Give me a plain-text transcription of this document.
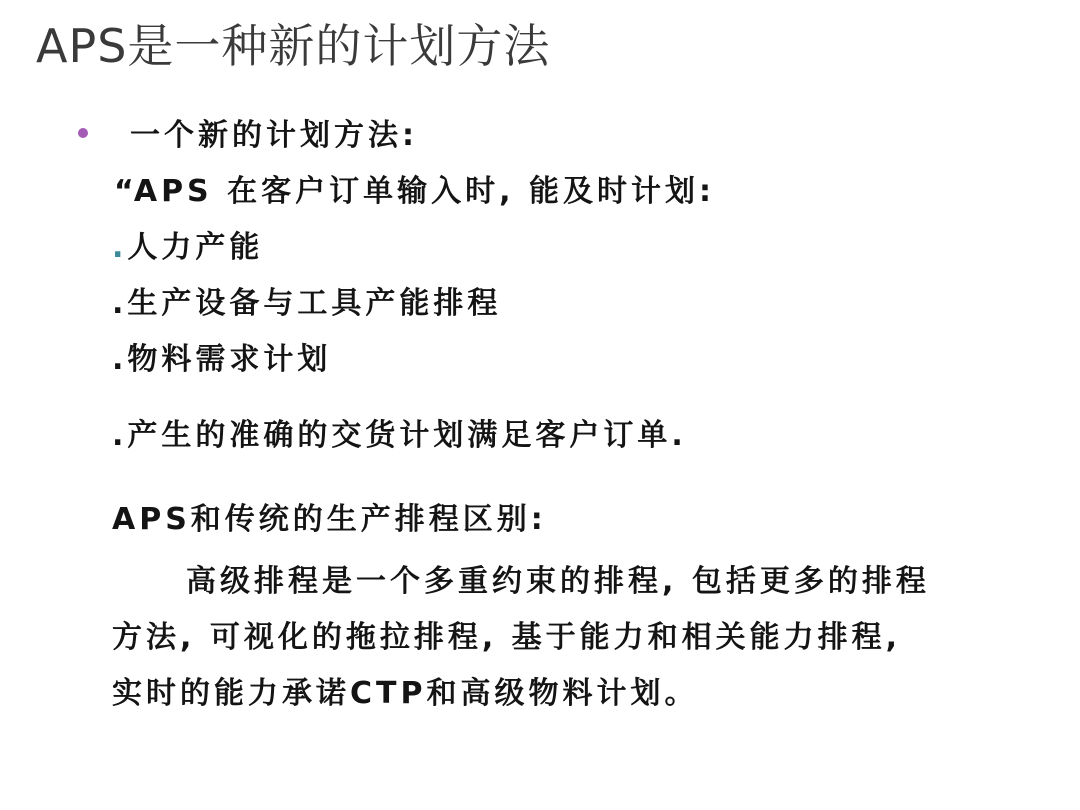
APS是一种新的计划方法
一个新的计划方法:
“APS 在客户订单输入时, 能及时计划:
.人力产能
.生产设备与工具产能排程
.物料需求计划
.产生的准确的交货计划满足客户订单.
APS和传统的生产排程区别:
高级排程是一个多重约束的排程, 包括更多的排程
方法, 可视化的拖拉排程, 基于能力和相关能力排程,
实时的能力承诺CTP和高级物料计划。
